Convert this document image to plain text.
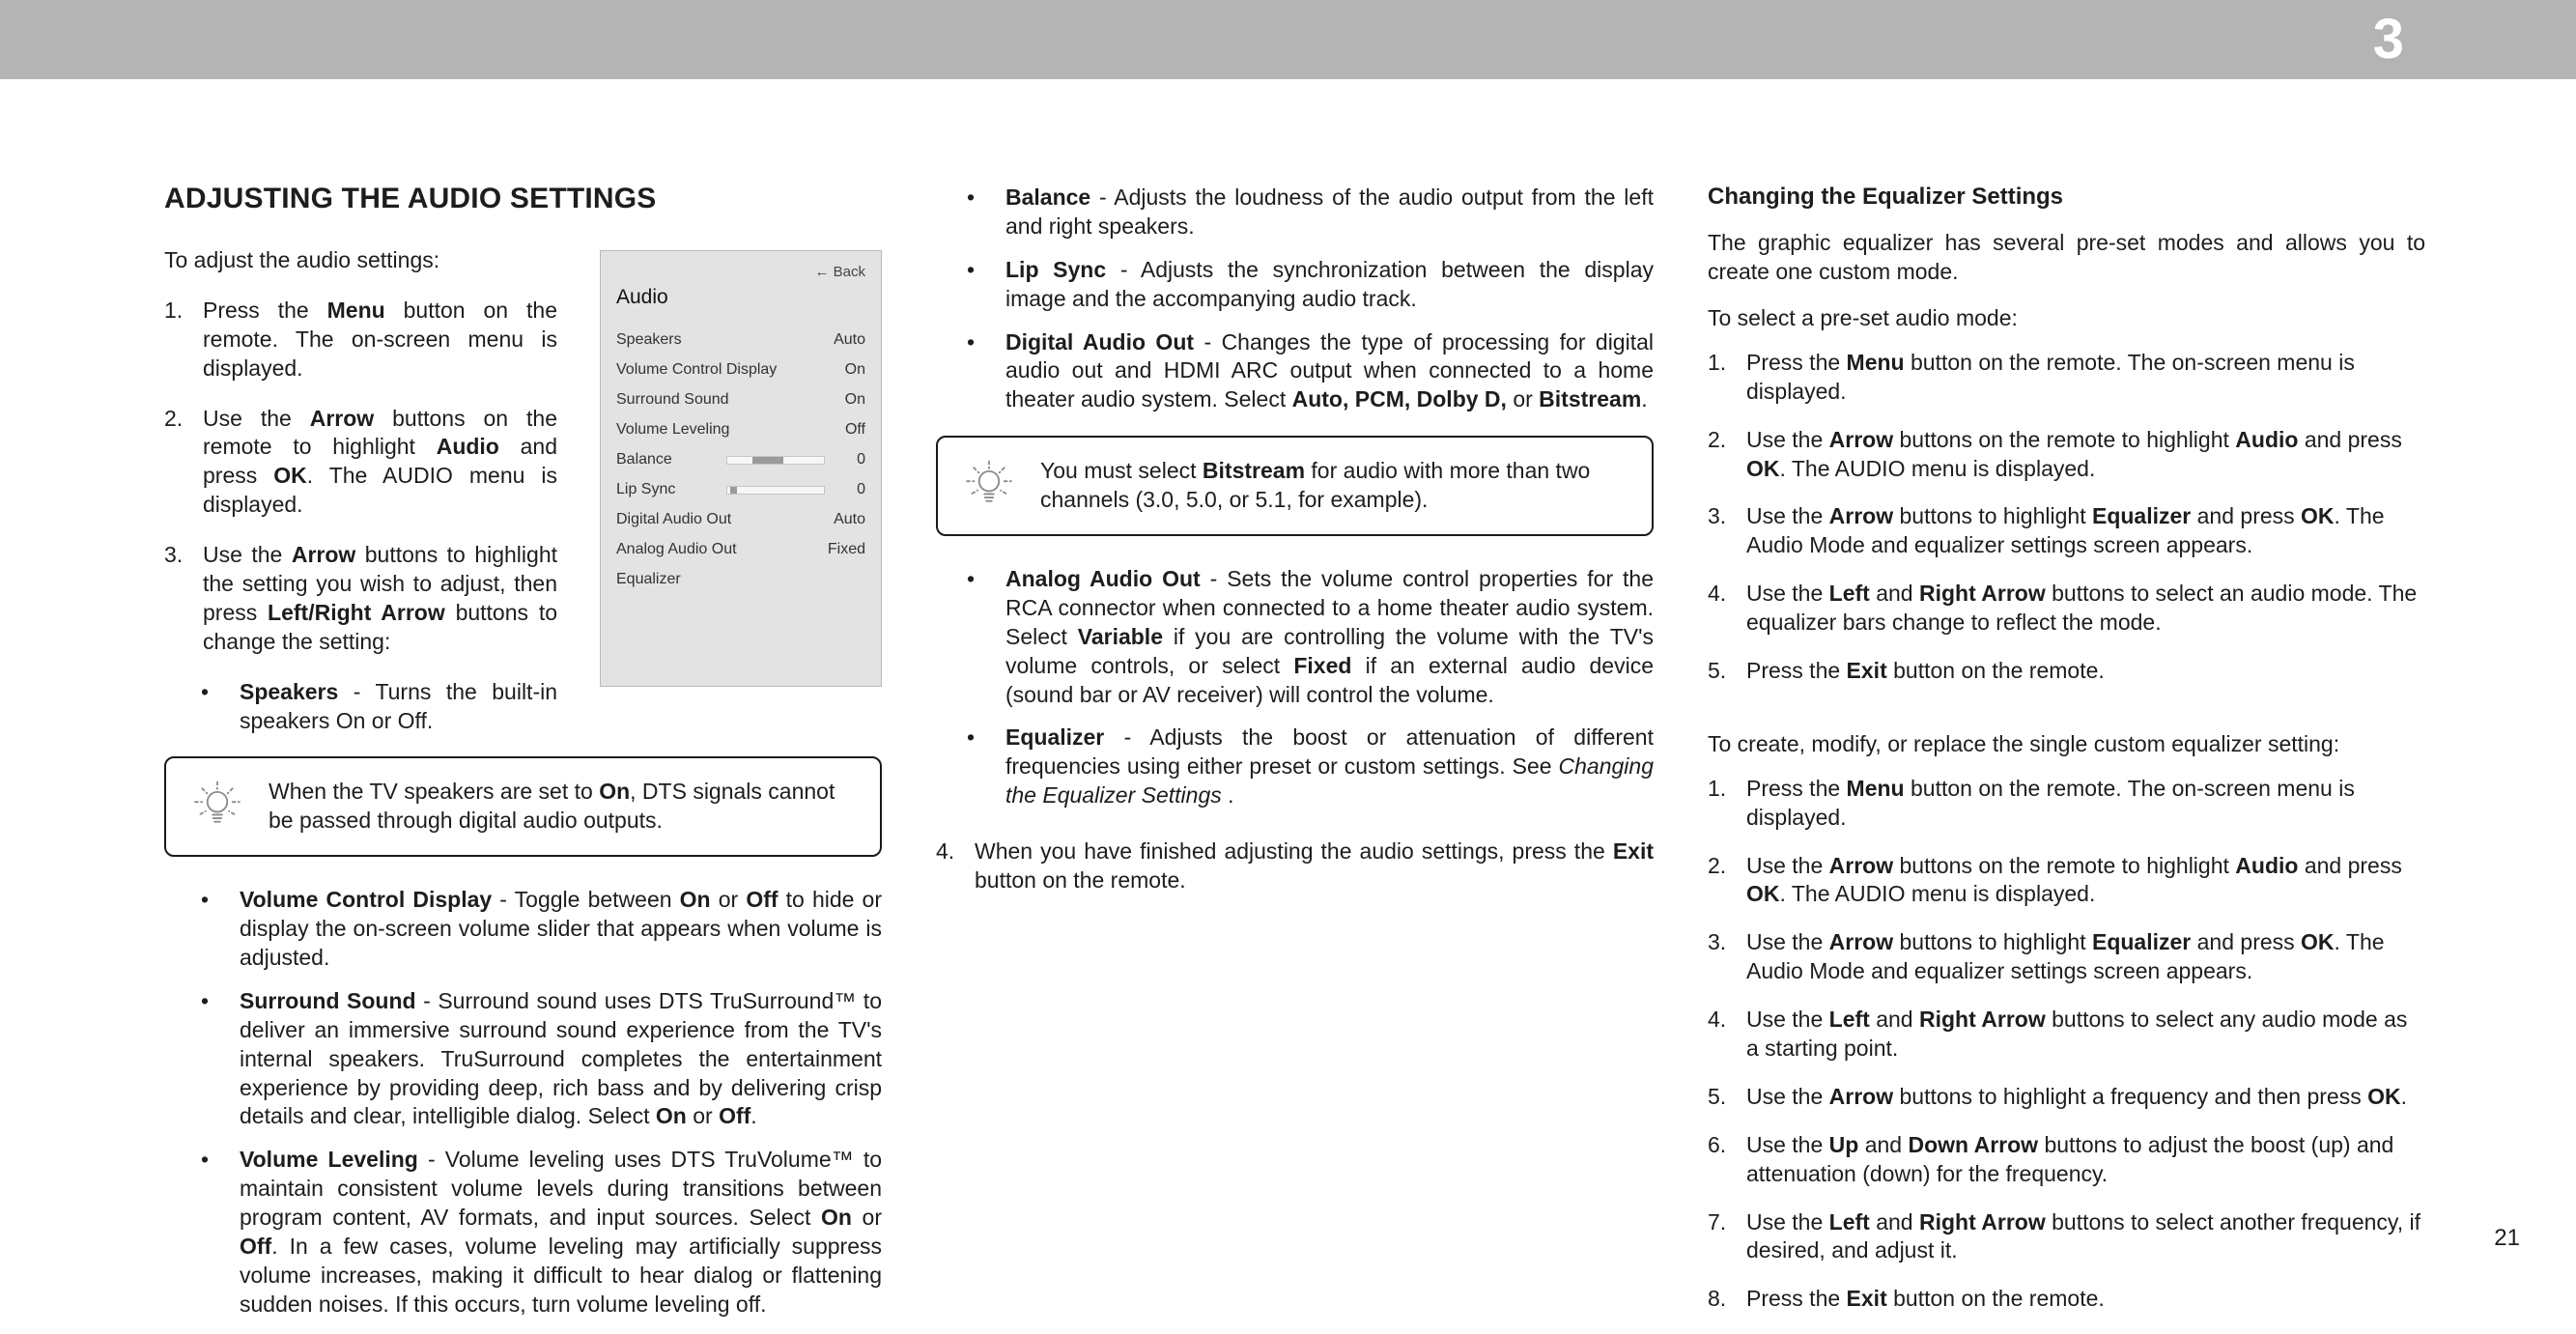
3
ADJUSTING THE AUDIO SETTINGS
← Back
Audio
Speakers	Auto
Volume Control Display	On
Surround Sound	On
Volume Leveling	Off
Balance	0
Lip Sync	0
Digital Audio Out	Auto
Analog Audio Out	Fixed
Equalizer

To adjust the audio settings:

1. Press the Menu button on the remote. The on-screen menu is displayed.
2. Use the Arrow buttons on the remote to highlight Audio and press OK. The AUDIO menu is displayed.
3. Use the Arrow buttons to highlight the setting you wish to adjust, then press Left/Right Arrow buttons to change the setting:
• Speakers - Turns the built-in speakers On or Off.
When the TV speakers are set to On, DTS signals cannot be passed through digital audio outputs.
• Volume Control Display - Toggle between On or Off to hide or display the on-screen volume slider that appears when volume is adjusted.
• Surround Sound - Surround sound uses DTS TruSurround™ to deliver an immersive surround sound experience from the TV's internal speakers. TruSurround completes the entertainment experience by providing deep, rich bass and by delivering crisp details and clear, intelligible dialog. Select On or Off.
• Volume Leveling - Volume leveling uses DTS TruVolume™ to maintain consistent volume levels during transitions between program content, AV formats, and input sources. Select On or Off. In a few cases, volume leveling may artificially suppress volume increases, making it difficult to hear dialog or flattening sudden noises. If this occurs, turn volume leveling off.
• Balance - Adjusts the loudness of the audio output from the left and right speakers.
• Lip Sync - Adjusts the synchronization between the display image and the accompanying audio track.
• Digital Audio Out - Changes the type of processing for digital audio out and HDMI ARC output when connected to a home theater audio system. Select Auto, PCM, Dolby D, or Bitstream.
You must select Bitstream for audio with more than two channels (3.0, 5.0, or 5.1, for example).
• Analog Audio Out - Sets the volume control properties for the RCA connector when connected to a home theater audio system. Select Variable if you are controlling the volume with the TV's volume controls, or select Fixed if an external audio device (sound bar or AV receiver) will control the volume.
• Equalizer - Adjusts the boost or attenuation of different frequencies using either preset or custom settings. See Changing the Equalizer Settings .
4. When you have finished adjusting the audio settings, press the Exit button on the remote.
Changing the Equalizer Settings

The graphic equalizer has several pre-set modes and allows you to create one custom mode.

To select a pre-set audio mode:

1. Press the Menu button on the remote. The on-screen menu is displayed.
2. Use the Arrow buttons on the remote to highlight Audio and press OK. The AUDIO menu is displayed.
3. Use the Arrow buttons to highlight Equalizer and press OK. The Audio Mode and equalizer settings screen appears.
4. Use the Left and Right Arrow buttons to select an audio mode. The equalizer bars change to reflect the mode.
5. Press the Exit button on the remote.

To create, modify, or replace the single custom equalizer setting:

1. Press the Menu button on the remote. The on-screen menu is displayed.
2. Use the Arrow buttons on the remote to highlight Audio and press OK. The AUDIO menu is displayed.
3. Use the Arrow buttons to highlight Equalizer and press OK. The Audio Mode and equalizer settings screen appears.
4. Use the Left and Right Arrow buttons to select any audio mode as a starting point.
5. Use the Arrow buttons to highlight a frequency and then press OK.
6. Use the Up and Down Arrow buttons to adjust the boost (up) and attenuation (down) for the frequency.
7. Use the Left and Right Arrow buttons to select another frequency, if desired, and adjust it.
8. Press the Exit button on the remote.
21
